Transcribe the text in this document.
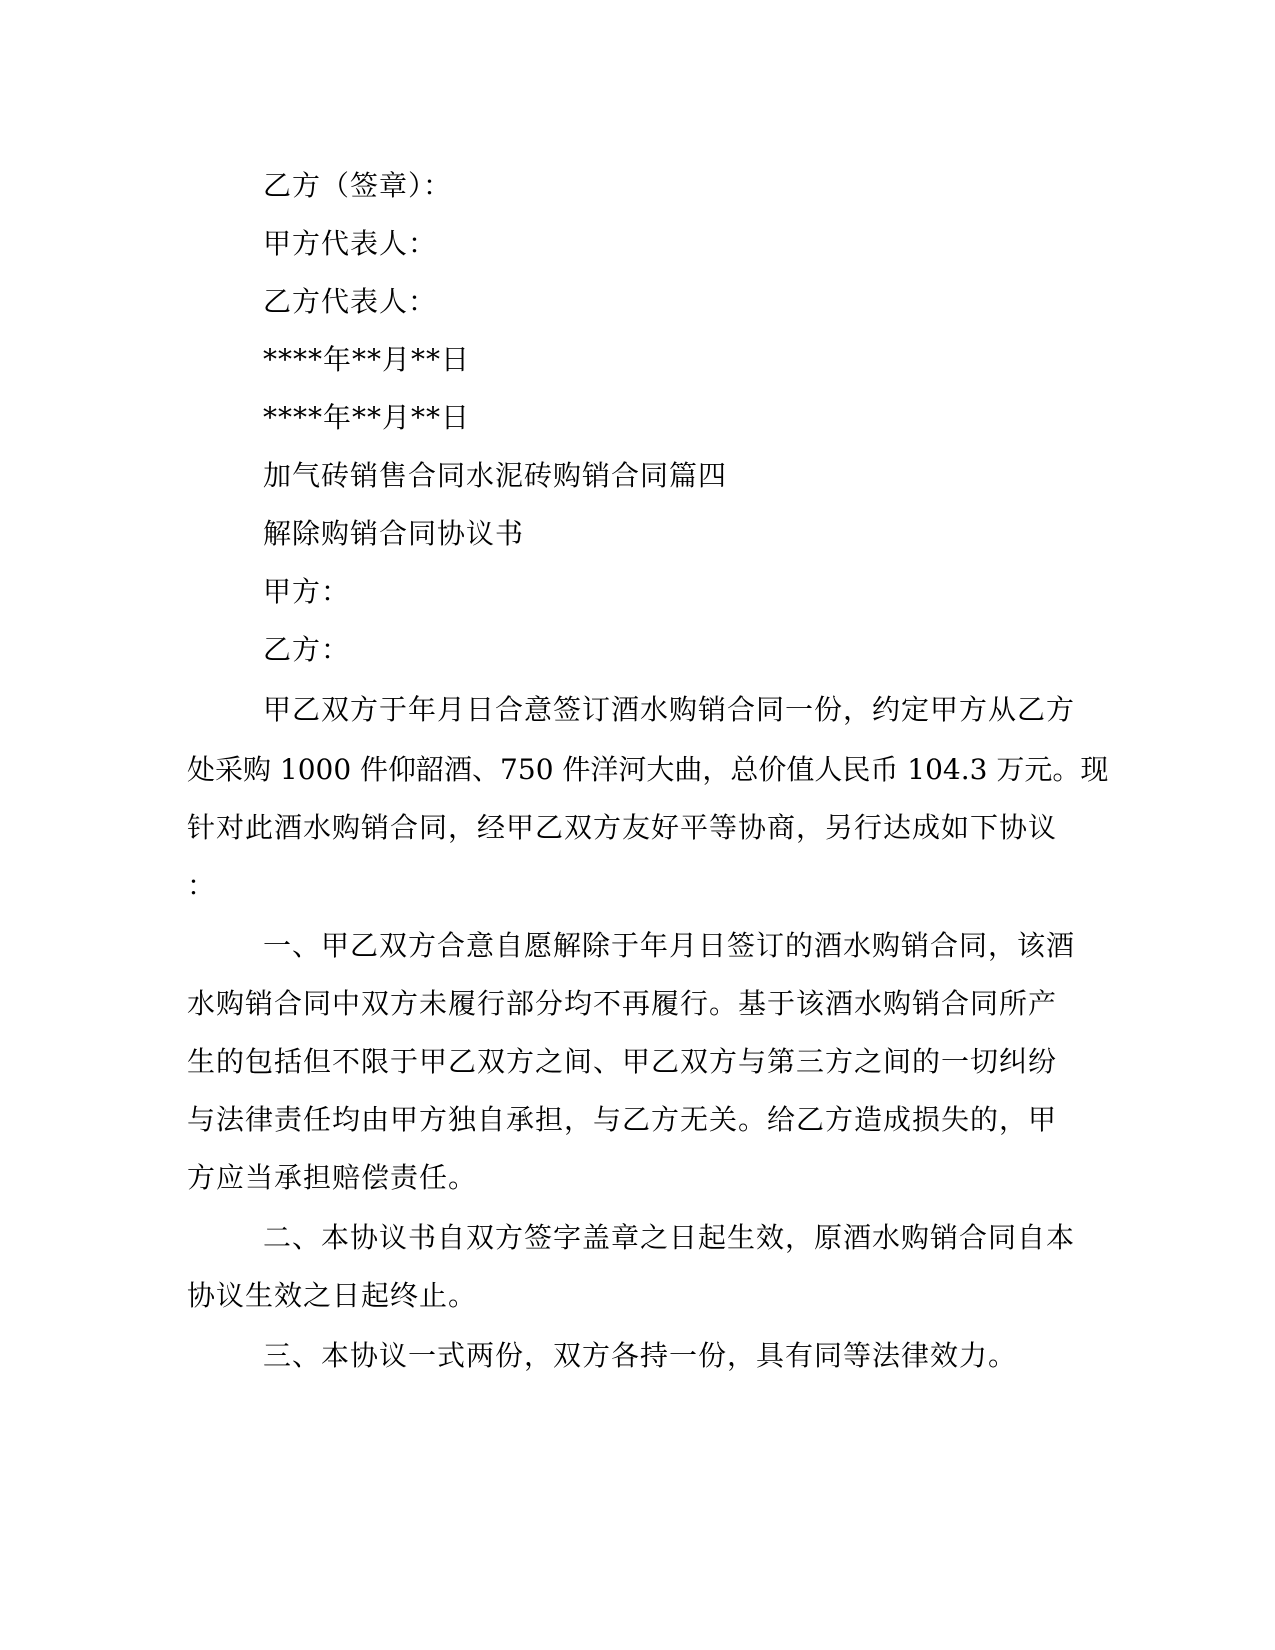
乙方（签章）：
甲方代表人：
乙方代表人：
****年**月**日
****年**月**日
加气砖销售合同水泥砖购销合同篇四
解除购销合同协议书
甲方：
乙方：
甲乙双方于年月日合意签订酒水购销合同一份，约定甲方从乙方
处采购 1000 件仰韶酒、750 件洋河大曲，总价值人民币 104.3 万元。现
针对此酒水购销合同，经甲乙双方友好平等协商，另行达成如下协议
：
一、甲乙双方合意自愿解除于年月日签订的酒水购销合同，该酒
水购销合同中双方未履行部分均不再履行。基于该酒水购销合同所产
生的包括但不限于甲乙双方之间、甲乙双方与第三方之间的一切纠纷
与法律责任均由甲方独自承担，与乙方无关。给乙方造成损失的，甲
方应当承担赔偿责任。
二、本协议书自双方签字盖章之日起生效，原酒水购销合同自本
协议生效之日起终止。
三、本协议一式两份，双方各持一份，具有同等法律效力。
